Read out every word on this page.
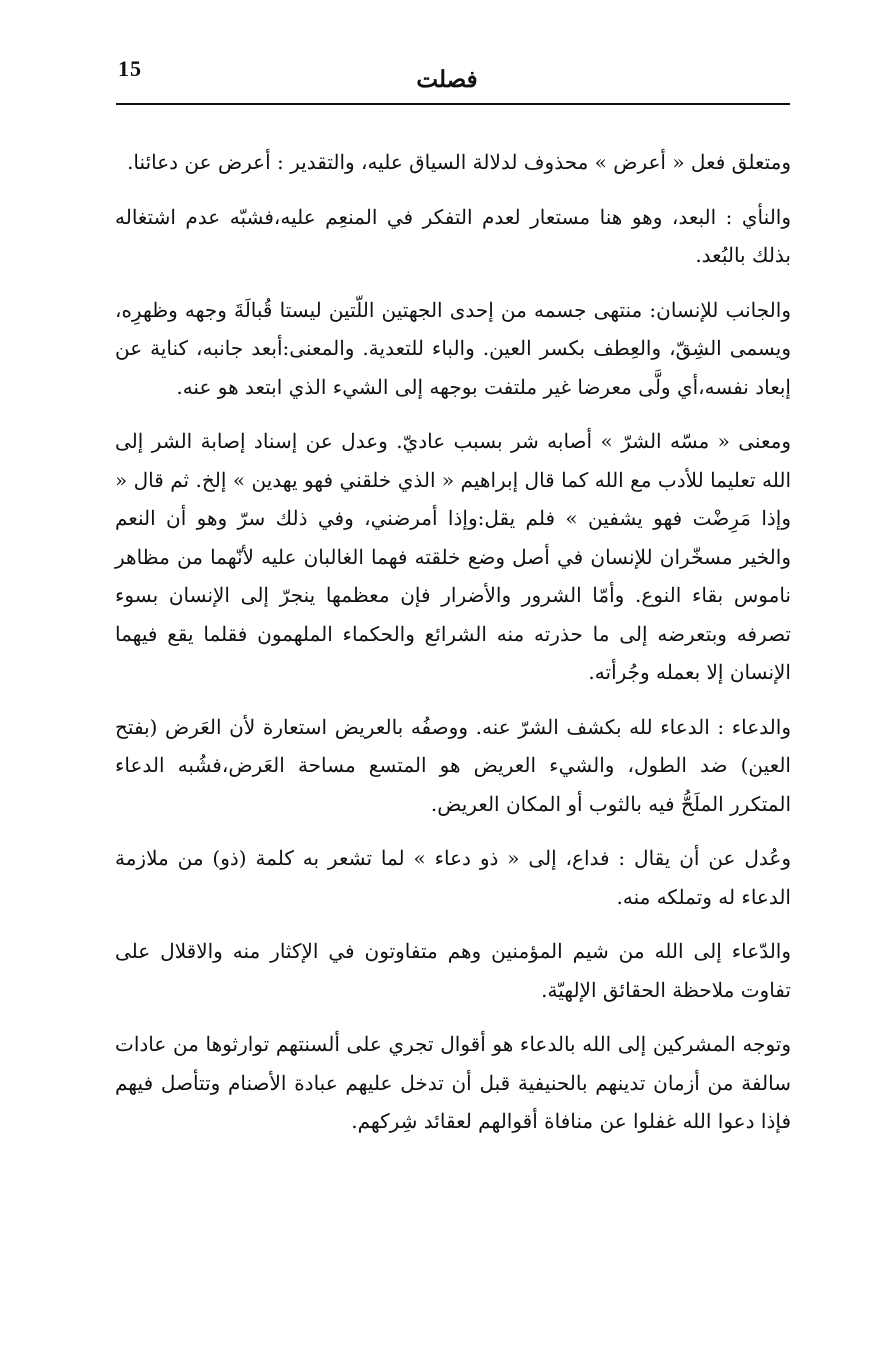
15	فصلت

ومتعلق فعل « أعرض » محذوف لدلالة السياق عليه، والتقدير : أعرض عن دعائنا.

والنأي : البعد، وهو هنا مستعار لعدم التفكر في المنعِم عليه،فشبّه عدم اشتغاله بذلك بالبُعد.

والجانب للإنسان: منتهى جسمه من إحدى الجهتين اللّتين ليستا قُبالَةَ وجهه وظهرِه، ويسمى الشِقّ، والعِطف بكسر العين. والباء للتعدية. والمعنى:أبعد جانبه، كناية عن إبعاد نفسه،أي ولَّى معرضا غير ملتفت بوجهه إلى الشيء الذي ابتعد هو عنه.

ومعنى « مسّه الشرّ » أصابه شر بسبب عاديّ. وعدل عن إسناد إصابة الشر إلى الله تعليما للأدب مع الله كما قال إبراهيم « الذي خلقني فهو يهدين » إلخ. ثم قال « وإذا مَرِضْت فهو يشفين » فلم يقل:وإذا أمرضني، وفي ذلك سرّ وهو أن النعم والخير مسخّران للإنسان في أصل وضع خلقته فهما الغالبان عليه لأنّهما من مظاهر ناموس بقاء النوع. وأمّا الشرور والأضرار فإن معظمها ينجرّ إلى الإنسان بسوء تصرفه وبتعرضه إلى ما حذرته منه الشرائع والحكماء الملهمون فقلما يقع فيهما الإنسان إلا بعمله وجُرأته.

والدعاء : الدعاء لله بكشف الشرّ عنه. ووصفُه بالعريض استعارة لأن العَرض (بفتح العين) ضد الطول، والشيء العريض هو المتسع مساحة العَرض،فشُبه الدعاء المتكرر الملَحُّ فيه بالثوب أو المكان العريض.

وعُدل عن أن يقال : فداع، إلى « ذو دعاء » لما تشعر به كلمة (ذو) من ملازمة الدعاء له وتملكه منه.

والدّعاء إلى الله من شيم المؤمنين وهم متفاوتون في الإكثار منه والاقلال على تفاوت ملاحظة الحقائق الإلهيّة.

وتوجه المشركين إلى الله بالدعاء هو أقوال تجري على ألسنتهم توارثوها من عادات سالفة من أزمان تدينهم بالحنيفية قبل أن تدخل عليهم عبادة الأصنام وتتأصل فيهم فإذا دعوا الله غفلوا عن منافاة أقوالهم لعقائد شِركهم.
